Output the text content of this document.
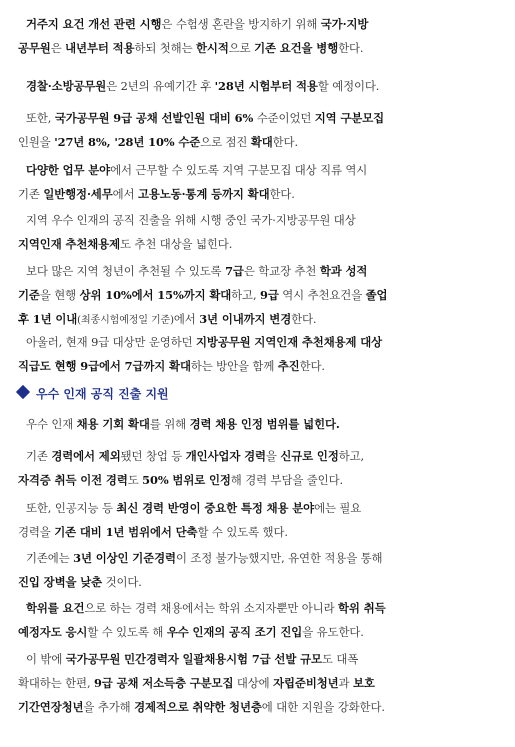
거주지 요건 개선 관련 시행은 수험생 혼란을 방지하기 위해 국가·지방
공무원은 내년부터 적용하되 첫해는 한시적으로 기존 요건을 병행한다.
경찰·소방공무원은 2년의 유예기간 후 '28년 시험부터 적용할 예정이다.
또한, 국가공무원 9급 공채 선발인원 대비 6% 수준이었던 지역 구분모집
인원을 '27년 8%, '28년 10% 수준으로 점진 확대한다.
다양한 업무 분야에서 근무할 수 있도록 지역 구분모집 대상 직류 역시
기존 일반행정·세무에서 고용노동·통계 등까지 확대한다.
지역 우수 인재의 공직 진출을 위해 시행 중인 국가·지방공무원 대상
지역인재 추천채용제도 추천 대상을 넓힌다.
보다 많은 지역 청년이 추천될 수 있도록 7급은 학교장 추천 학과 성적
기준을 현행 상위 10%에서 15%까지 확대하고, 9급 역시 추천요건을 졸업
후 1년 이내(최종시험예정일 기준)에서 3년 이내까지 변경한다.
아울러, 현재 9급 대상만 운영하던 지방공무원 지역인재 추천채용제 대상
직급도 현행 9급에서 7급까지 확대하는 방안을 함께 추진한다.
우수 인재 공직 진출 지원
우수 인재 채용 기회 확대를 위해 경력 채용 인정 범위를 넓힌다.
기존 경력에서 제외됐던 창업 등 개인사업자 경력을 신규로 인정하고,
자격증 취득 이전 경력도 50% 범위로 인정해 경력 부담을 줄인다.
또한, 인공지능 등 최신 경력 반영이 중요한 특정 채용 분야에는 필요
경력을 기존 대비 1년 범위에서 단축할 수 있도록 했다.
기존에는 3년 이상인 기준경력이 조정 불가능했지만, 유연한 적용을 통해
진입 장벽을 낮춘 것이다.
학위를 요건으로 하는 경력 채용에서는 학위 소지자뿐만 아니라 학위 취득
예정자도 응시할 수 있도록 해 우수 인재의 공직 조기 진입을 유도한다.
이 밖에 국가공무원 민간경력자 일괄채용시험 7급 선발 규모도 대폭
확대하는 한편, 9급 공채 저소득층 구분모집 대상에 자립준비청년과 보호
기간연장청년을 추가해 경제적으로 취약한 청년층에 대한 지원을 강화한다.
